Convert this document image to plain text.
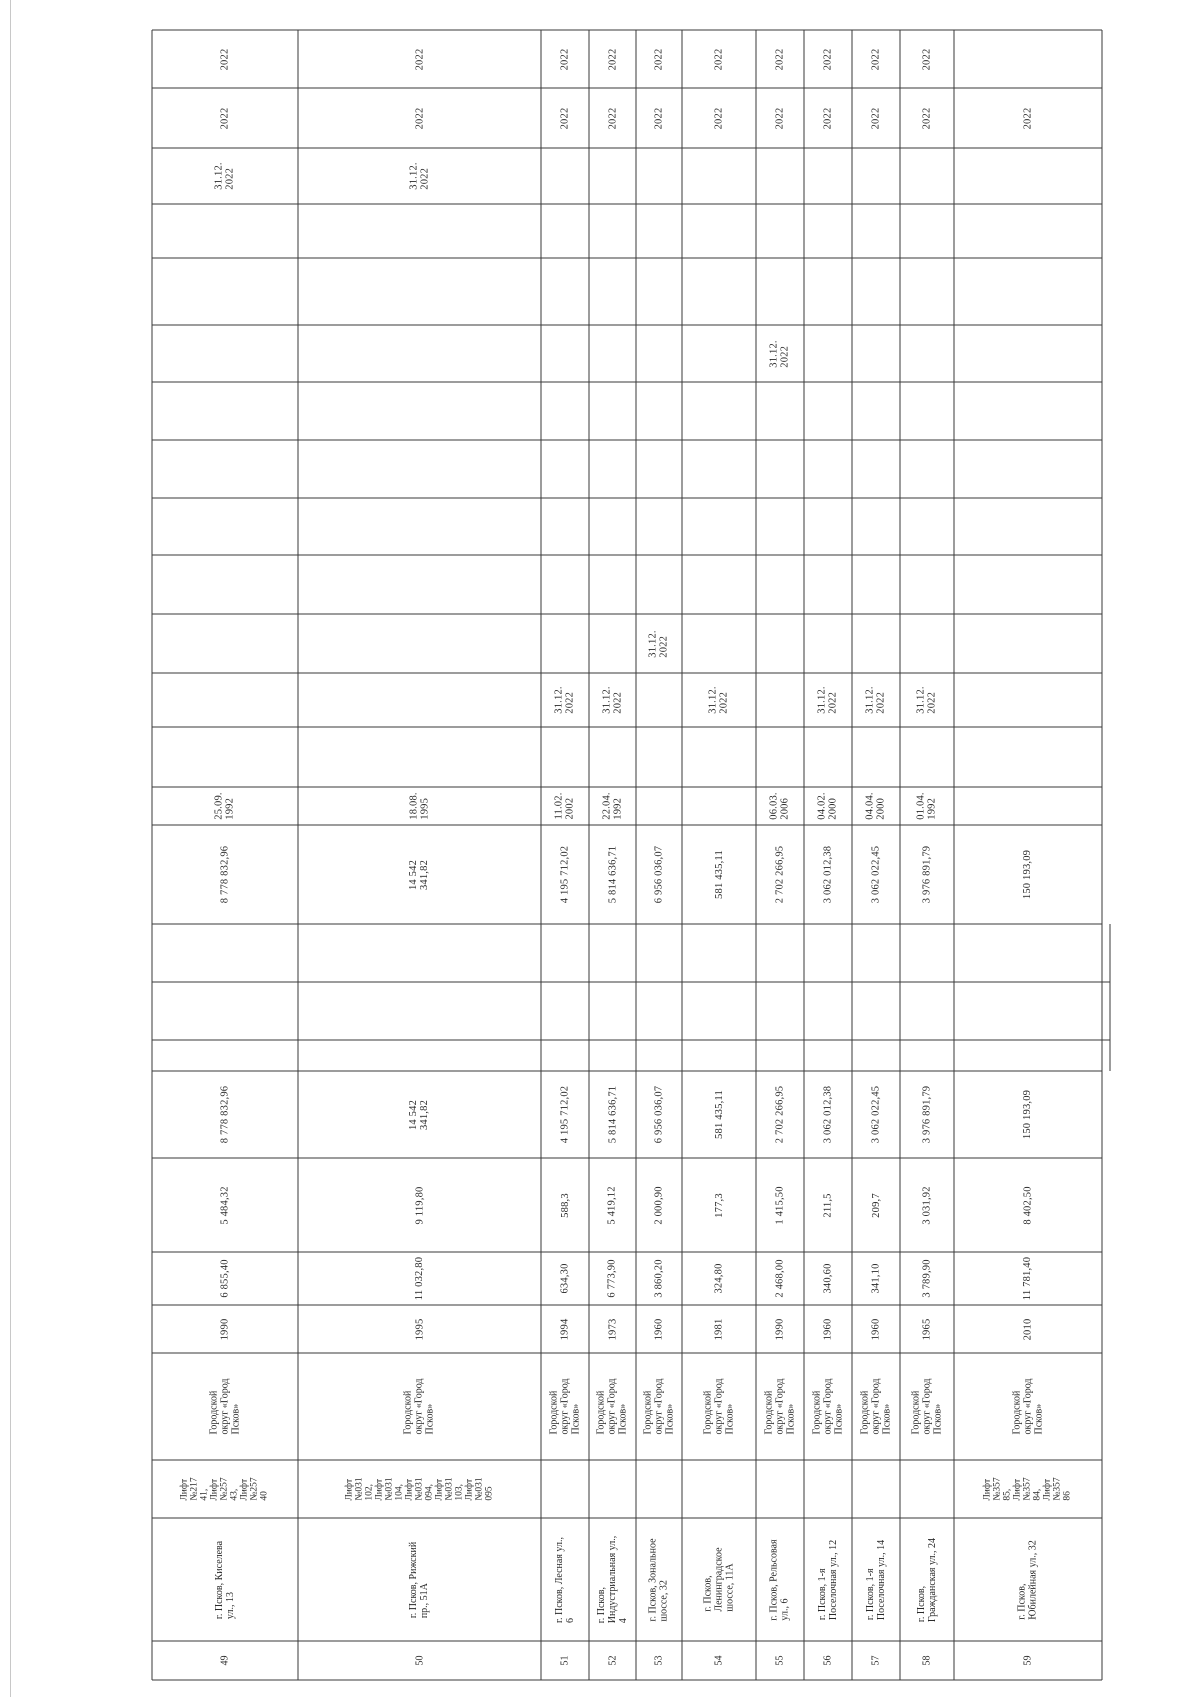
49
г. Псков, Киселева
ул., 13
Лифт
№217
41,
Лифт
№257
43,
Лифт
№257
40
Городской
округ «Город
Псков»
1990
6 855,40
5 484,32
8 778 832,96
8 778 832,96
25.09.
1992
31.12.
2022
2022
2022
50
г. Псков, Рижский
пр., 51А
Лифт
№031
102,
Лифт
№031
104,
Лифт
№031
094,
Лифт
№031
103,
Лифт
№031
095
Городской
округ «Город
Псков»
1995
11 032,80
9 119,80
14 542
341,82
14 542
341,82
18.08.
1995
31.12.
2022
2022
2022
51
г. Псков, Лесная ул.,
6
Городской
округ «Город
Псков»
1994
634,30
588,3
4 195 712,02
4 195 712,02
11.02.
2002
31.12.
2022
2022
2022
52
г. Псков,
Индустриальная ул.,
4
Городской
округ «Город
Псков»
1973
6 773,90
5 419,12
5 814 636,71
5 814 636,71
22.04.
1992
31.12.
2022
2022
2022
53
г. Псков, Зональное
шоссе, 32
Городской
округ «Город
Псков»
1960
3 860,20
2 000,90
6 956 036,07
6 956 036,07
31.12.
2022
2022
2022
54
г. Псков,
Ленинградское
шоссе, 11А
Городской
округ «Город
Псков»
1981
324,80
177,3
581 435,11
581 435,11
31.12.
2022
2022
2022
55
г. Псков, Рельсовая
ул., 6
Городской
округ «Город
Псков»
1990
2 468,00
1 415,50
2 702 266,95
2 702 266,95
06.03.
2006
31.12.
2022
2022
2022
56
г. Псков, 1-я
Поселочная ул., 12
Городской
округ «Город
Псков»
1960
340,60
211,5
3 062 012,38
3 062 012,38
04.02.
2000
31.12.
2022
2022
2022
57
г. Псков, 1-я
Поселочная ул., 14
Городской
округ «Город
Псков»
1960
341,10
209,7
3 062 022,45
3 062 022,45
04.04.
2000
31.12.
2022
2022
2022
58
г. Псков,
Гражданская ул., 24
Городской
округ «Город
Псков»
1965
3 789,90
3 031,92
3 976 891,79
3 976 891,79
01.04.
1992
31.12.
2022
2022
2022
59
г. Псков,
Юбилейная ул., 32
Лифт
№357
85,
Лифт
№357
84,
Лифт
№357
86
Городской
округ «Город
Псков»
2010
11 781,40
8 402,50
150 193,09
150 193,09
2022
